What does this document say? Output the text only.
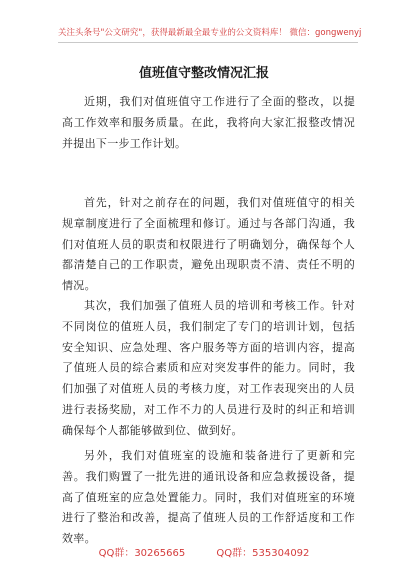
关注头条号"公文研究"，获得最新最全最专业的公文资料库！ 微信：gongwenyj
值班值守整改情况汇报

近期，我们对值班值守工作进行了全面的整改，以提高工作效率和服务质量。在此，我将向大家汇报整改情况并提出下一步工作计划。

首先，针对之前存在的问题，我们对值班值守的相关规章制度进行了全面梳理和修订。通过与各部门沟通，我们对值班人员的职责和权限进行了明确划分，确保每个人都清楚自己的工作职责，避免出现职责不清、责任不明的情况。

其次，我们加强了值班人员的培训和考核工作。针对不同岗位的值班人员，我们制定了专门的培训计划，包括安全知识、应急处理、客户服务等方面的培训内容，提高了值班人员的综合素质和应对突发事件的能力。同时，我们加强了对值班人员的考核力度，对工作表现突出的人员进行表扬奖励，对工作不力的人员进行及时的纠正和培训确保每个人都能够做到位、做到好。

另外，我们对值班室的设施和装备进行了更新和完善。我们购置了一批先进的通讯设备和应急救援设备，提高了值班室的应急处置能力。同时，我们对值班室的环境进行了整治和改善，提高了值班人员的工作舒适度和工作效率。

QQ群：30265665	QQ群：535304092
